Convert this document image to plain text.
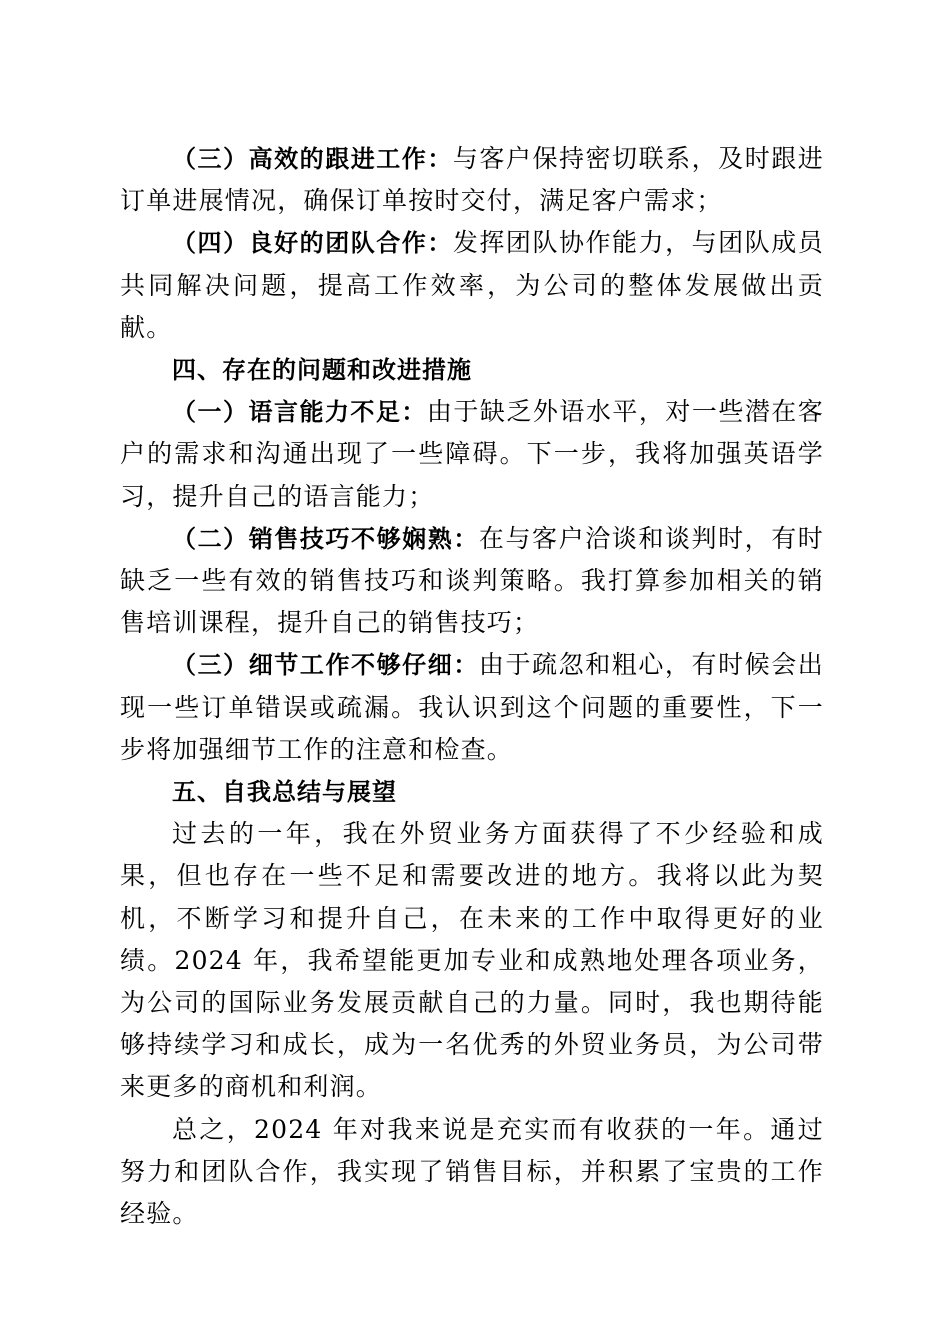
（三）高效的跟进工作：与客户保持密切联系，及时跟进订单进展情况，确保订单按时交付，满足客户需求；

（四）良好的团队合作：发挥团队协作能力，与团队成员共同解决问题，提高工作效率，为公司的整体发展做出贡献。

四、存在的问题和改进措施

（一）语言能力不足：由于缺乏外语水平，对一些潜在客户的需求和沟通出现了一些障碍。下一步，我将加强英语学习，提升自己的语言能力；

（二）销售技巧不够娴熟：在与客户洽谈和谈判时，有时缺乏一些有效的销售技巧和谈判策略。我打算参加相关的销售培训课程，提升自己的销售技巧；

（三）细节工作不够仔细：由于疏忽和粗心，有时候会出现一些订单错误或疏漏。我认识到这个问题的重要性，下一步将加强细节工作的注意和检查。

五、自我总结与展望

过去的一年，我在外贸业务方面获得了不少经验和成果，但也存在一些不足和需要改进的地方。我将以此为契机，不断学习和提升自己，在未来的工作中取得更好的业绩。2024 年，我希望能更加专业和成熟地处理各项业务，为公司的国际业务发展贡献自己的力量。同时，我也期待能够持续学习和成长，成为一名优秀的外贸业务员，为公司带来更多的商机和利润。

总之，2024 年对我来说是充实而有收获的一年。通过努力和团队合作，我实现了销售目标，并积累了宝贵的工作经验。
